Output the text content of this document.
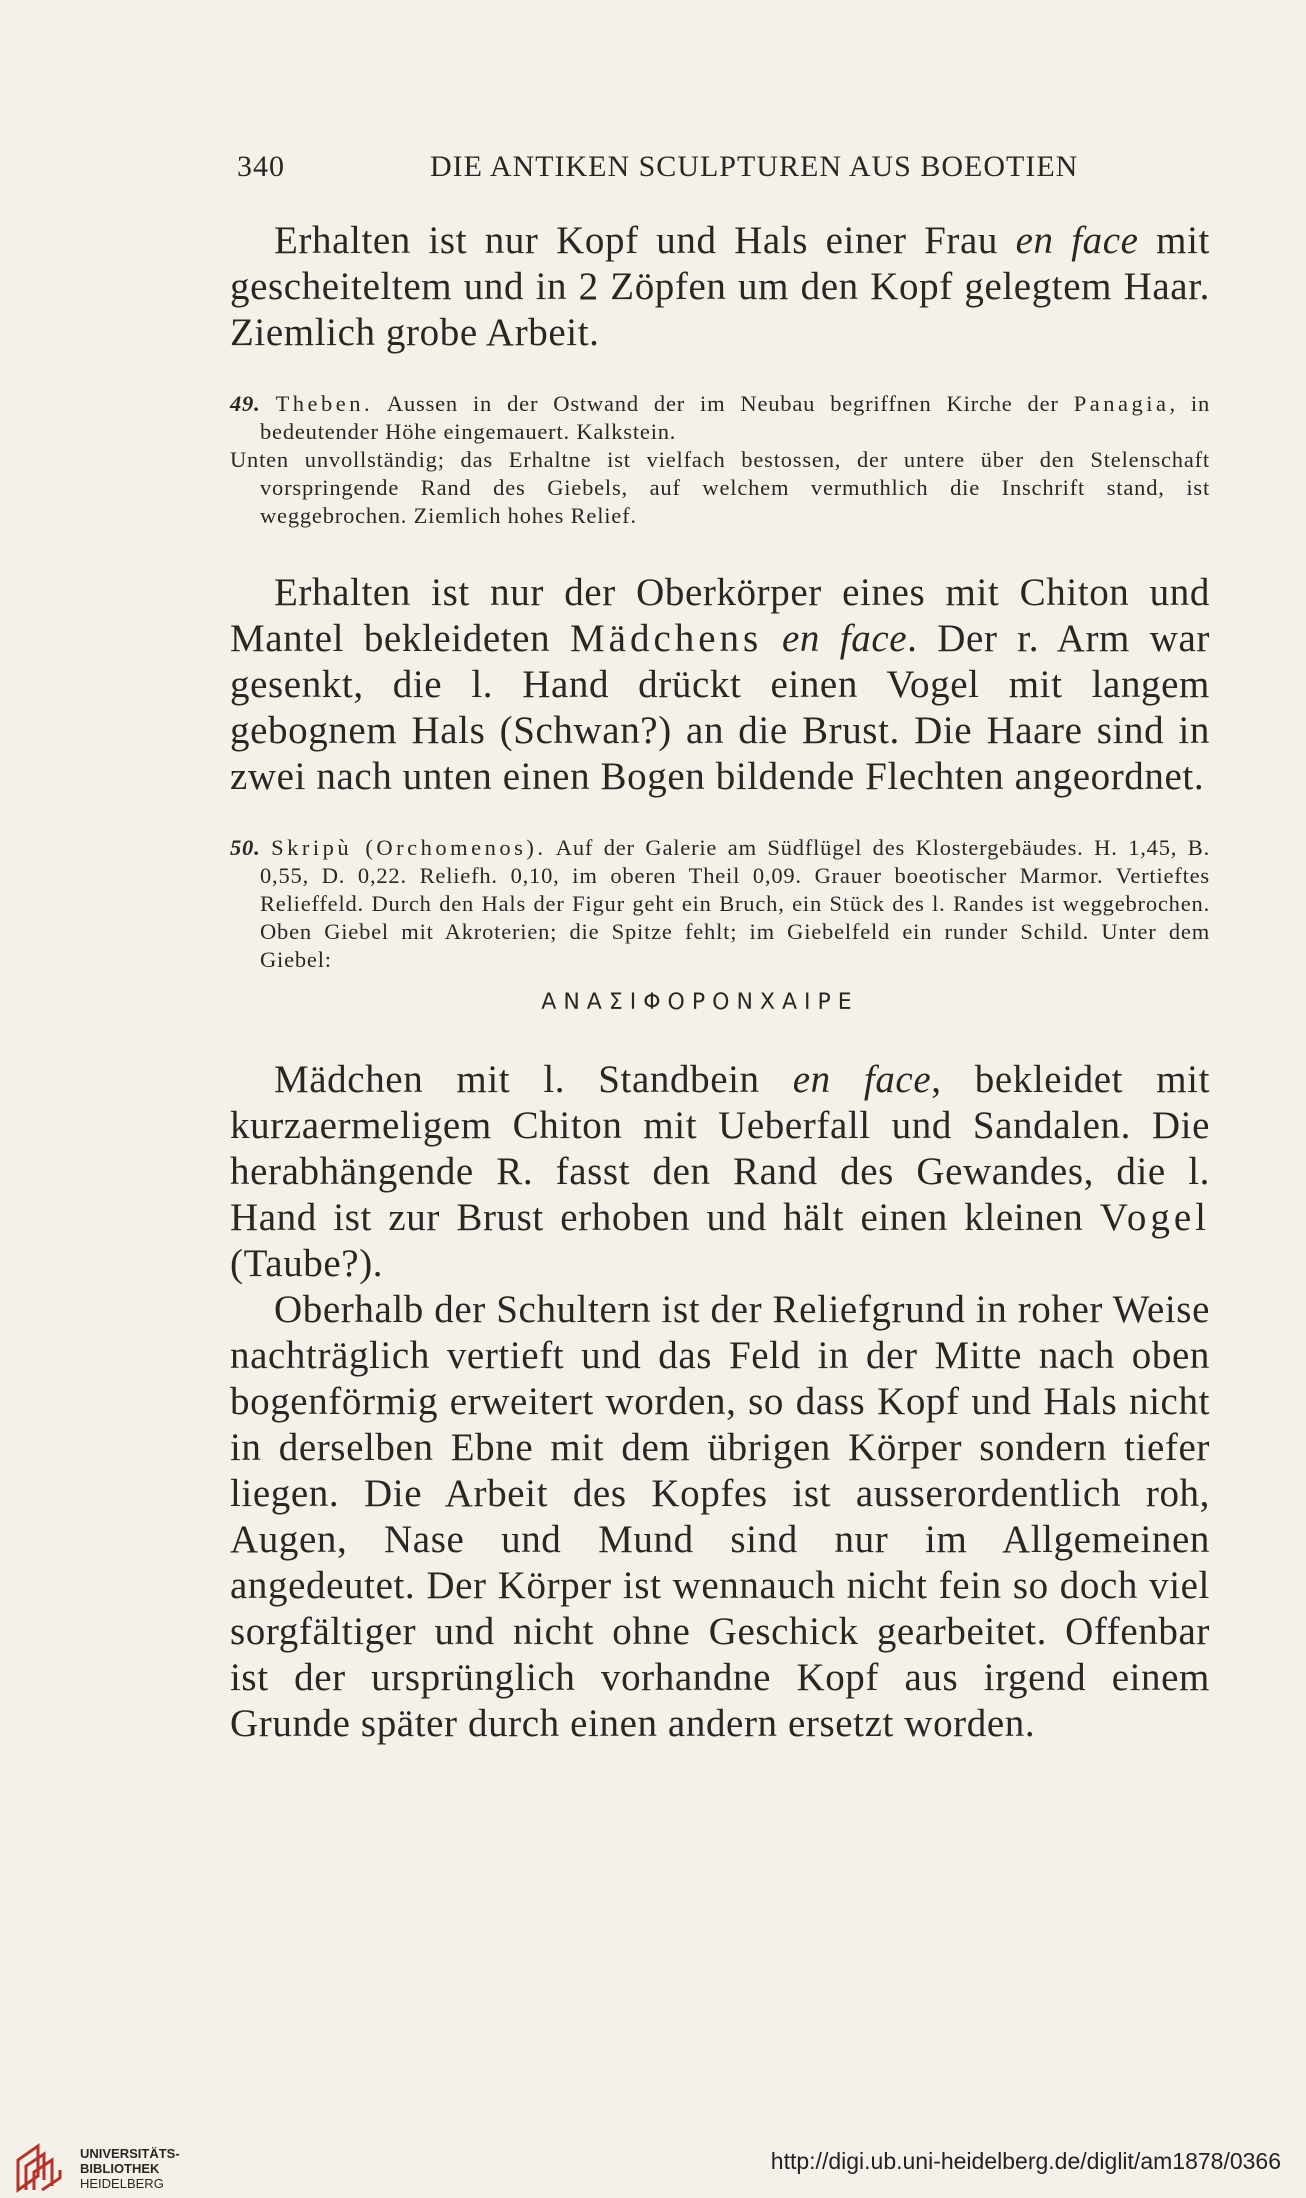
340	DIE ANTIKEN SCULPTUREN AUS BOEOTIEN

Erhalten ist nur Kopf und Hals einer Frau en face mit gescheiteltem und in 2 Zöpfen um den Kopf gelegtem Haar. Ziemlich grobe Arbeit.

49. Theben. Aussen in der Ostwand der im Neubau begriffnen Kirche der Panagia, in bedeutender Höhe eingemauert. Kalkstein.

Unten unvollständig; das Erhaltne ist vielfach bestossen, der untere über den Stelenschaft vorspringende Rand des Giebels, auf welchem vermuthlich die Inschrift stand, ist weggebrochen. Ziemlich hohes Relief.

Erhalten ist nur der Oberkörper eines mit Chiton und Mantel bekleideten Mädchens en face. Der r. Arm war gesenkt, die l. Hand drückt einen Vogel mit langem gebognem Hals (Schwan?) an die Brust. Die Haare sind in zwei nach unten einen Bogen bildende Flechten angeordnet.

50. Skripù (Orchomenos). Auf der Galerie am Südflügel des Klostergebäudes. H. 1,45, B. 0,55, D. 0,22. Reliefh. 0,10, im oberen Theil 0,09. Grauer boeotischer Marmor. Vertieftes Relieffeld. Durch den Hals der Figur geht ein Bruch, ein Stück des l. Randes ist weggebrochen. Oben Giebel mit Akroterien; die Spitze fehlt; im Giebelfeld ein runder Schild. Unter dem Giebel:

ΑΝΑΣΙΦΟΡΟΝΧΑΙΡΕ

Mädchen mit l. Standbein en face, bekleidet mit kurzaermeligem Chiton mit Ueberfall und Sandalen. Die herabhängende R. fasst den Rand des Gewandes, die l. Hand ist zur Brust erhoben und hält einen kleinen Vogel (Taube?).

Oberhalb der Schultern ist der Reliefgrund in roher Weise nachträglich vertieft und das Feld in der Mitte nach oben bogenförmig erweitert worden, so dass Kopf und Hals nicht in derselben Ebne mit dem übrigen Körper sondern tiefer liegen. Die Arbeit des Kopfes ist ausserordentlich roh, Augen, Nase und Mund sind nur im Allgemeinen angedeutet. Der Körper ist wennauch nicht fein so doch viel sorgfältiger und nicht ohne Geschick gearbeitet. Offenbar ist der ursprünglich vorhandne Kopf aus irgend einem Grunde später durch einen andern ersetzt worden.

UNIVERSITÄTS-
BIBLIOTHEK
HEIDELBERG
http://digi.ub.uni-heidelberg.de/diglit/am1878/0366
